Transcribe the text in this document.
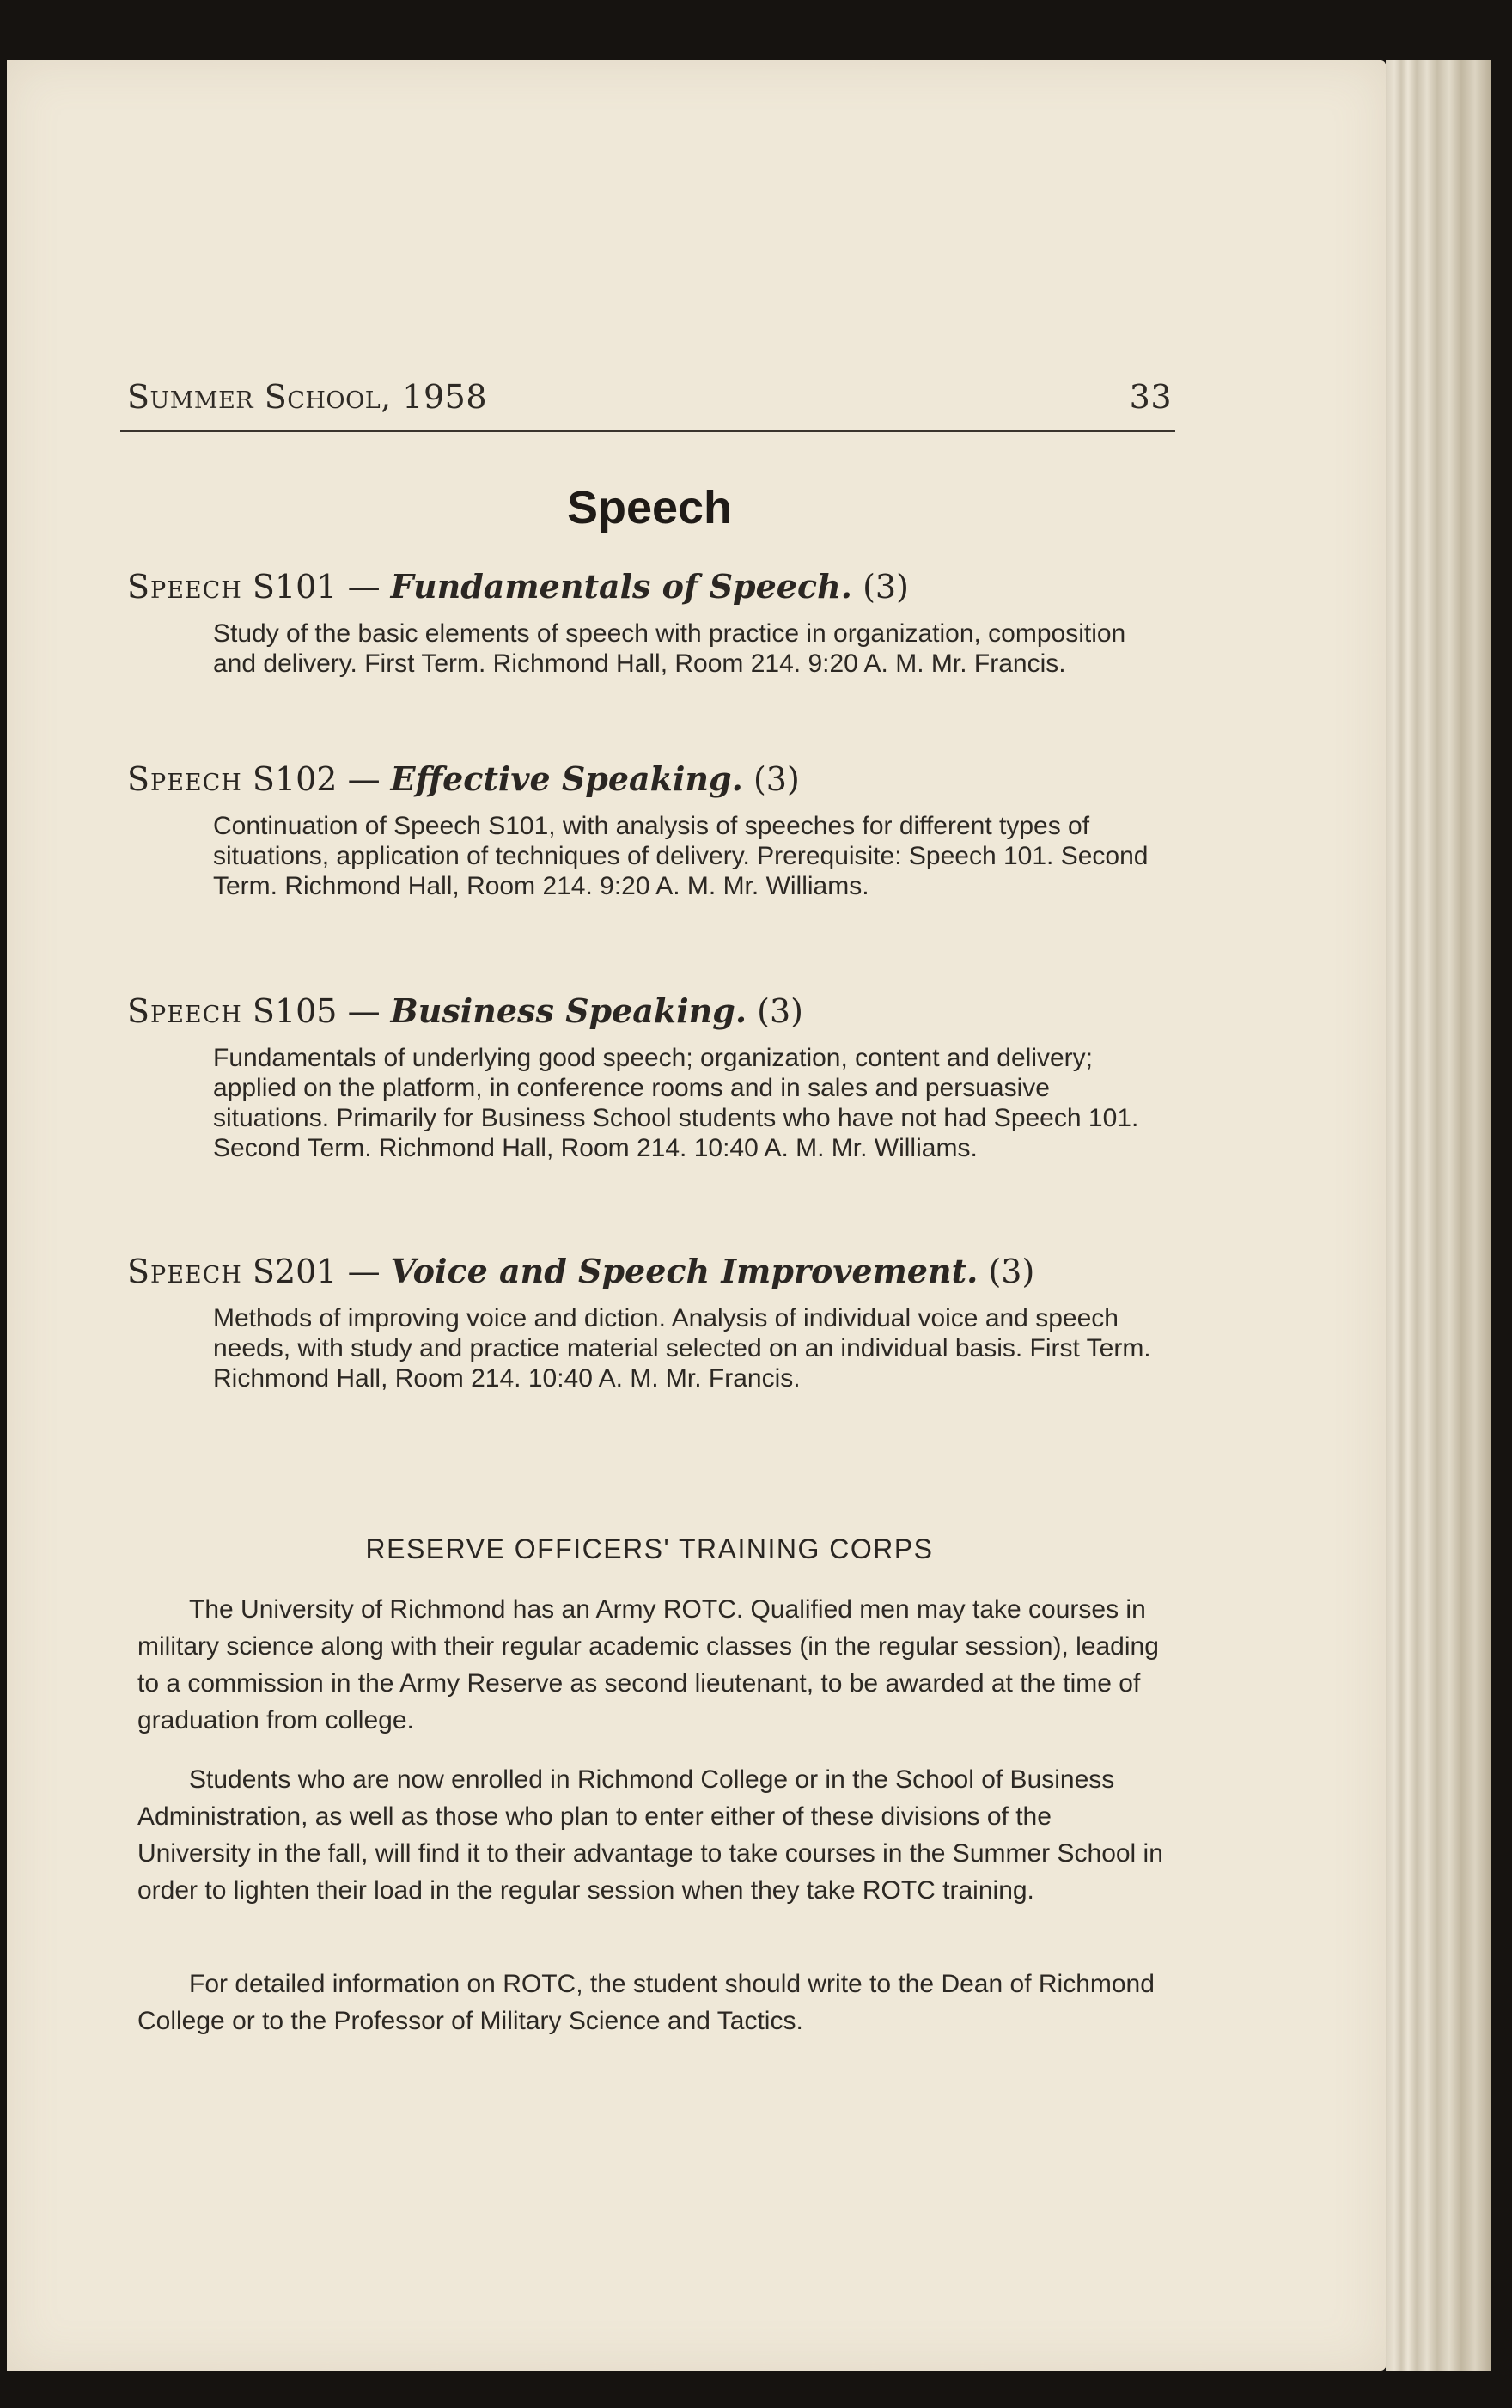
Summer School, 1958	33
Speech
Speech S101 — Fundamentals of Speech. (3)
Study of the basic elements of speech with practice in organization, composition and delivery. First Term. Richmond Hall, Room 214. 9:20 A. M. Mr. Francis.
Speech S102 — Effective Speaking. (3)
Continuation of Speech S101, with analysis of speeches for different types of situations, application of techniques of delivery. Prerequisite: Speech 101. Second Term. Richmond Hall, Room 214. 9:20 A. M. Mr. Williams.
Speech S105 — Business Speaking. (3)
Fundamentals of underlying good speech; organization, content and delivery; applied on the platform, in conference rooms and in sales and persuasive situations. Primarily for Business School students who have not had Speech 101. Second Term. Richmond Hall, Room 214. 10:40 A. M. Mr. Williams.
Speech S201 — Voice and Speech Improvement. (3)
Methods of improving voice and diction. Analysis of individual voice and speech needs, with study and practice material selected on an individual basis. First Term. Richmond Hall, Room 214. 10:40 A. M. Mr. Francis.
RESERVE OFFICERS' TRAINING CORPS
The University of Richmond has an Army ROTC. Qualified men may take courses in military science along with their regular academic classes (in the regular session), leading to a commission in the Army Reserve as second lieutenant, to be awarded at the time of graduation from college.
Students who are now enrolled in Richmond College or in the School of Business Administration, as well as those who plan to enter either of these divisions of the University in the fall, will find it to their advantage to take courses in the Summer School in order to lighten their load in the regular session when they take ROTC training.
For detailed information on ROTC, the student should write to the Dean of Richmond College or to the Professor of Military Science and Tactics.
